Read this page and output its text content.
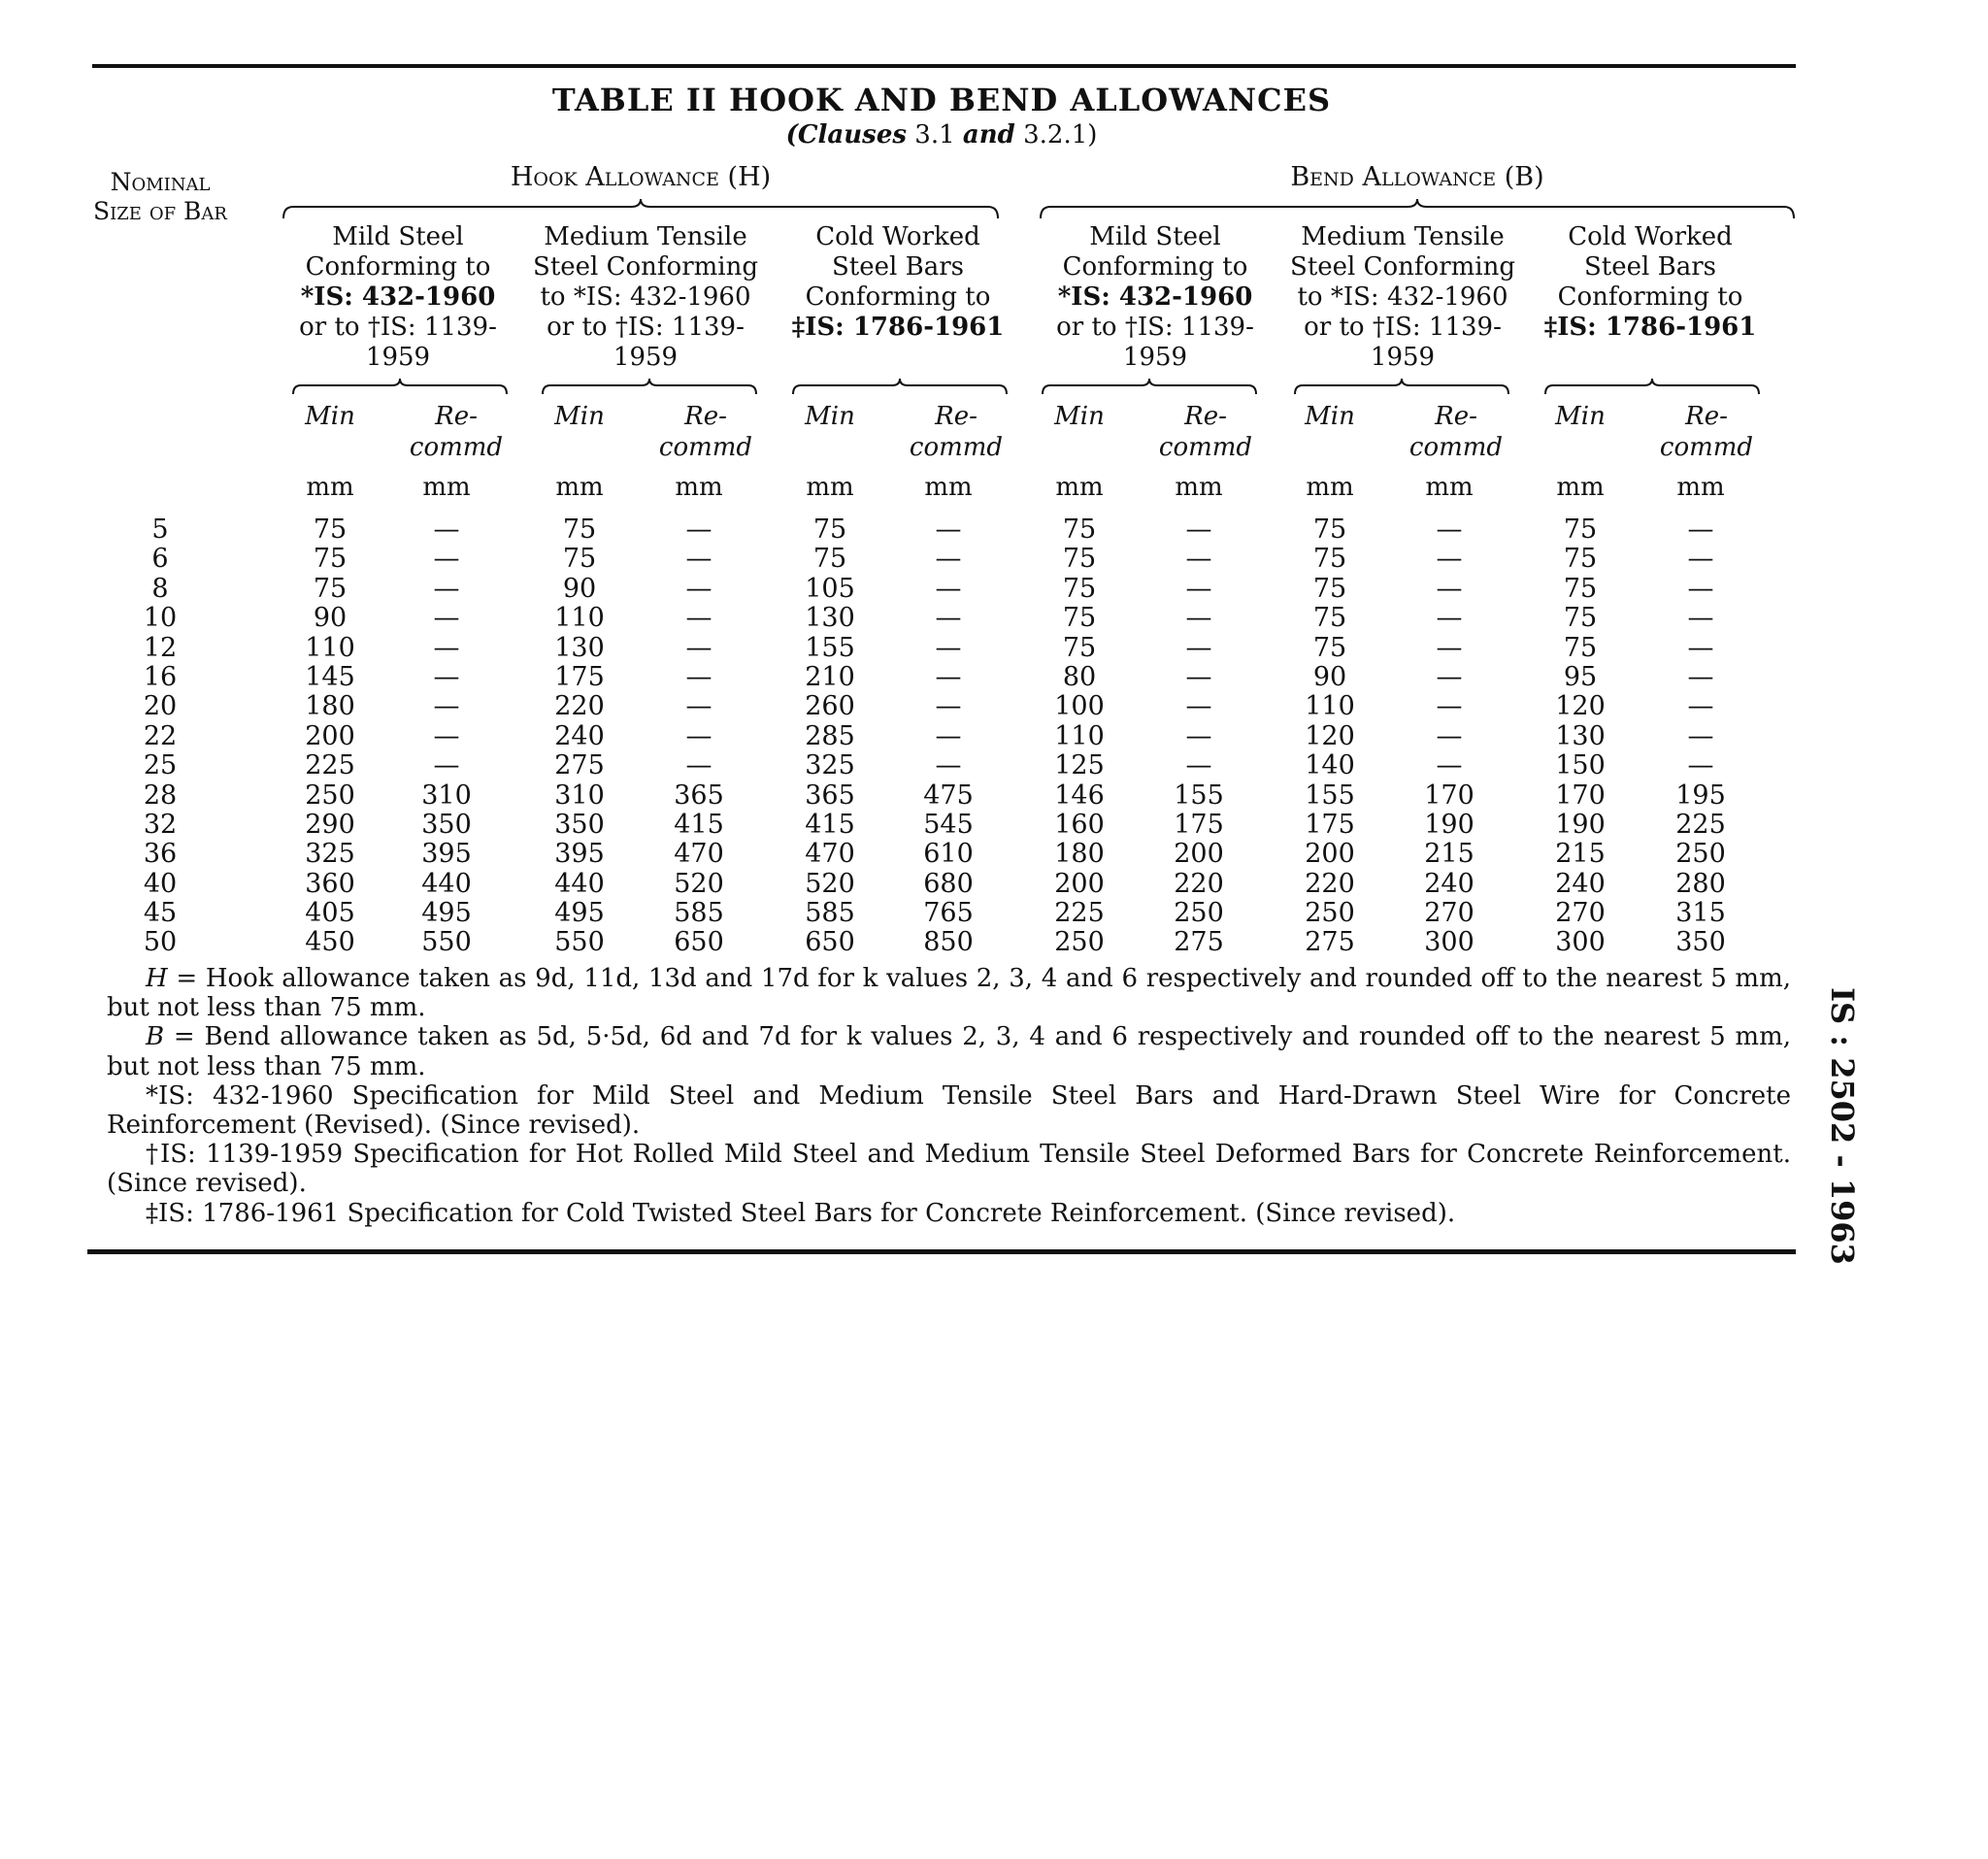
TABLE II HOOK AND BEND ALLOWANCES
(Clauses 3.1 and 3.2.1)
Nominal Size of Bar
Hook Allowance (H)	Bend Allowance (B)
Mild Steel
Conforming to
*IS: 432-1960
or to †IS: 1139-
1959
Medium Tensile
Steel Conforming
to *IS: 432-1960
or to †IS: 1139-
1959
Cold Worked
Steel Bars
Conforming to
‡IS: 1786-1961
Mild Steel
Conforming to
*IS: 432-1960
or to †IS: 1139-
1959
Medium Tensile
Steel Conforming
to *IS: 432-1960
or to †IS: 1139-
1959
Cold Worked
Steel Bars
Conforming to
‡IS: 1786-1961
Min	Re-
commd
Min	Re-
commd
Min	Re-
commd
Min	Re-
commd
Min	Re-
commd
Min	Re-
commd
mm	mm	mm	mm	mm	mm	mm	mm	mm	mm	mm	mm
5	75	—	75	—	75	—	75	—	75	—	75	—
6	75	—	75	—	75	—	75	—	75	—	75	—
8	75	—	90	—	105	—	75	—	75	—	75	—
10	90	—	110	—	130	—	75	—	75	—	75	—
12	110	—	130	—	155	—	75	—	75	—	75	—
16	145	—	175	—	210	—	80	—	90	—	95	—
20	180	—	220	—	260	—	100	—	110	—	120	—
22	200	—	240	—	285	—	110	—	120	—	130	—
25	225	—	275	—	325	—	125	—	140	—	150	—
28	250	310	310	365	365	475	146	155	155	170	170	195
32	290	350	350	415	415	545	160	175	175	190	190	225
36	325	395	395	470	470	610	180	200	200	215	215	250
40	360	440	440	520	520	680	200	220	220	240	240	280
45	405	495	495	585	585	765	225	250	250	270	270	315
50	450	550	550	650	650	850	250	275	275	300	300	350

H = Hook allowance taken as 9d, 11d, 13d and 17d for k values 2, 3, 4 and 6 respectively and rounded off to the nearest 5 mm, but not less than 75 mm.

B = Bend allowance taken as 5d, 5·5d, 6d and 7d for k values 2, 3, 4 and 6 respectively and rounded off to the nearest 5 mm, but not less than 75 mm.

*IS: 432-1960 Specification for Mild Steel and Medium Tensile Steel Bars and Hard-Drawn Steel Wire for Concrete Reinforcement (Revised). (Since revised).

†IS: 1139-1959 Specification for Hot Rolled Mild Steel and Medium Tensile Steel Deformed Bars for Concrete Reinforcement. (Since revised).

‡IS: 1786-1961 Specification for Cold Twisted Steel Bars for Concrete Reinforcement. (Since revised).	IS : 2502 - 1963
